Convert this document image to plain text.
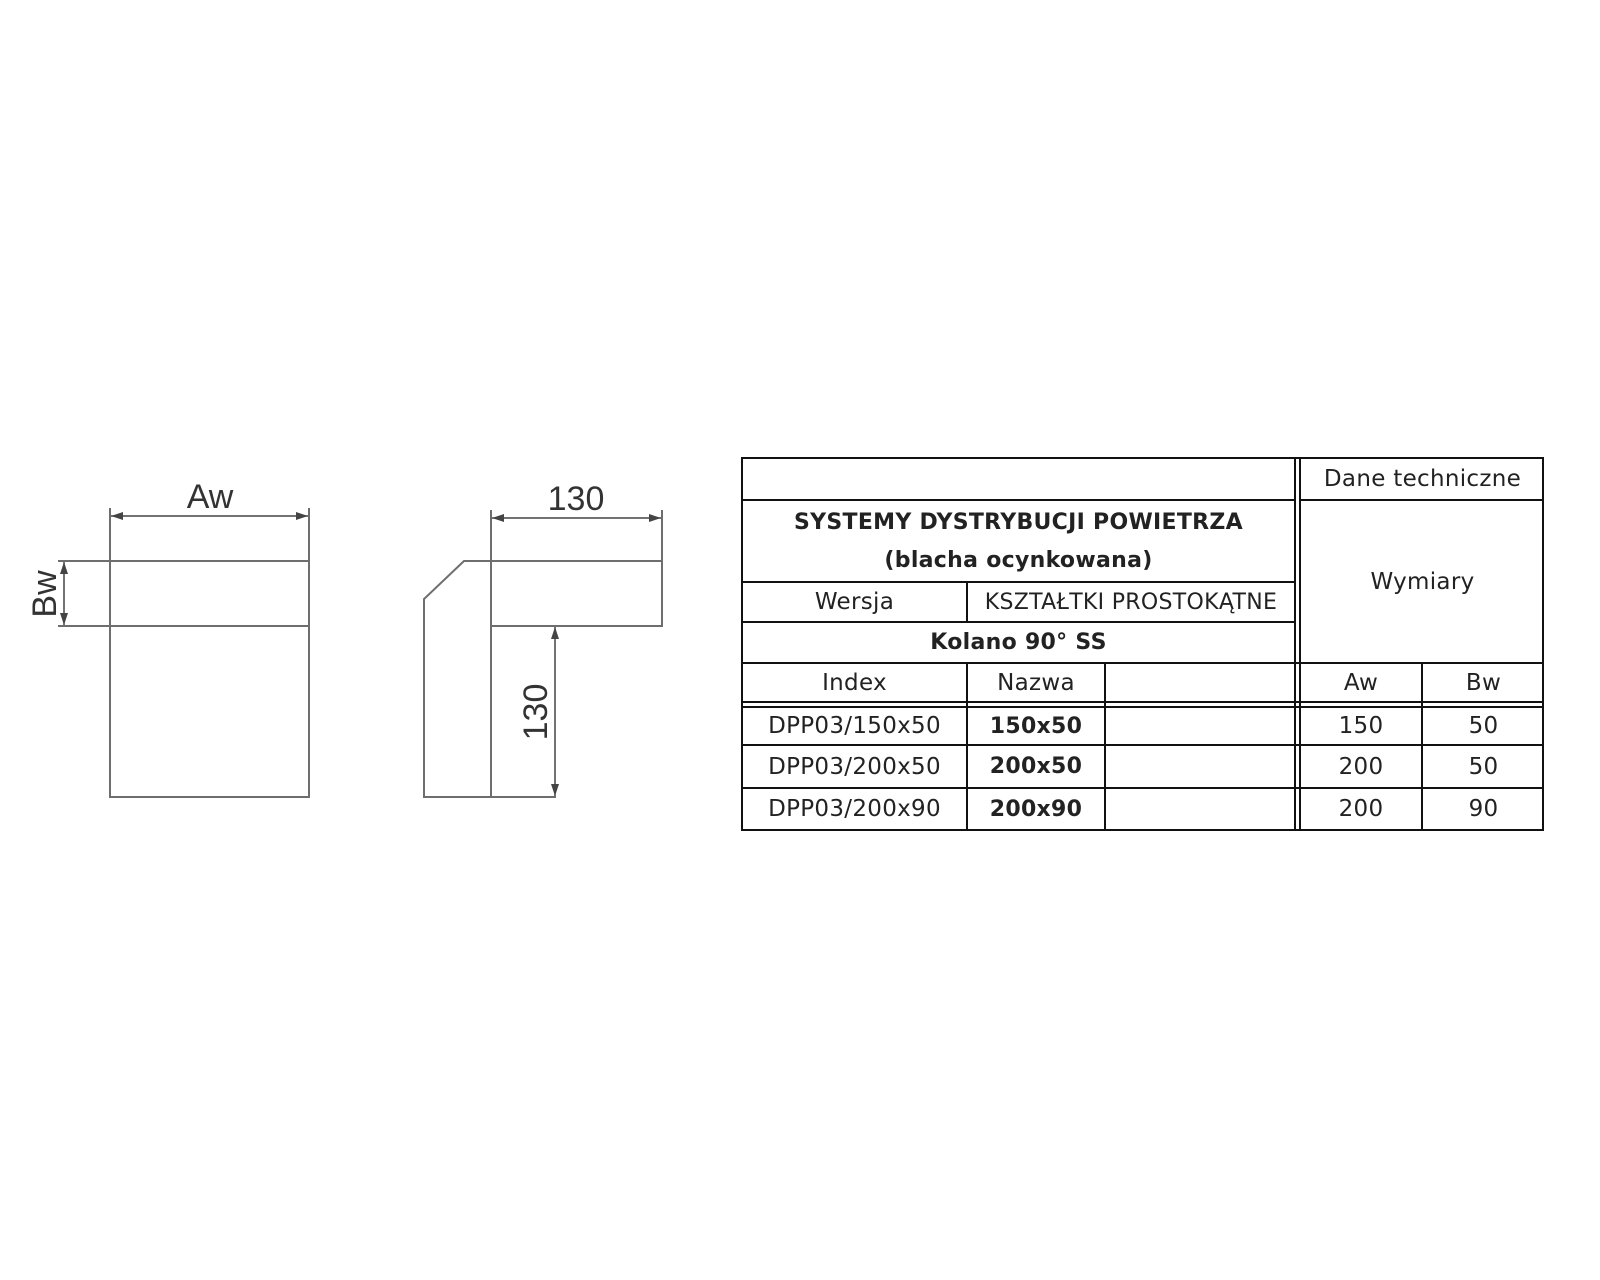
Aw
Bw
130
130
Dane techniczne
SYSTEMY DYSTRYBUCJI POWIETRZA
(blacha ocynkowana)
Wersja	KSZTAŁTKI PROSTOKĄTNE
Kolano 90° SS
Wymiary
Index	Nazwa	Aw	Bw
DPP03/150x50	150x50	150	50
DPP03/200x50	200x50	200	50
DPP03/200x90	200x90	200	90
